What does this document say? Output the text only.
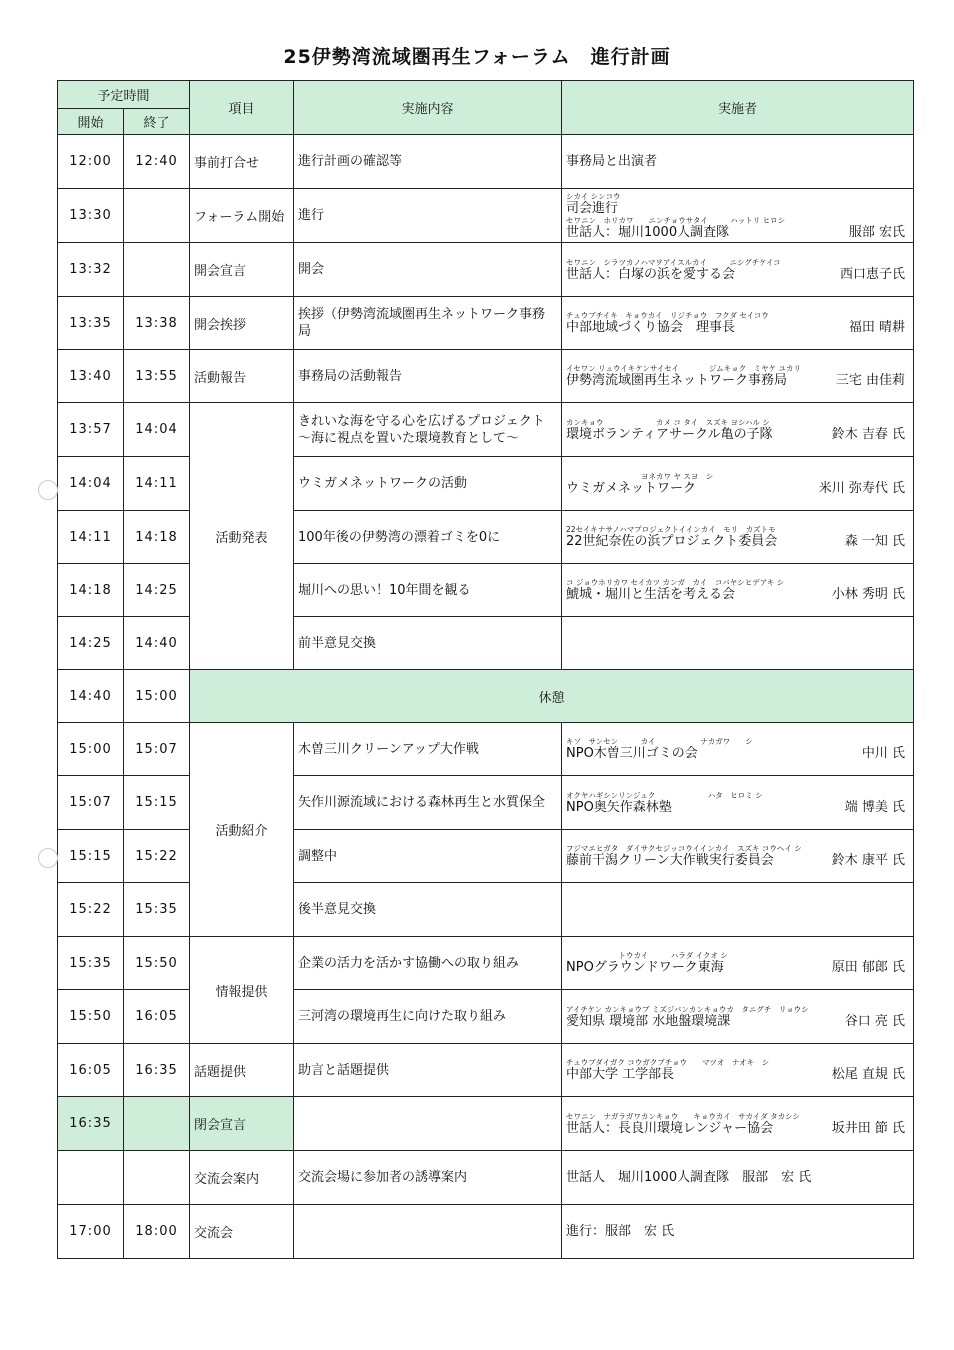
25伊勢湾流域圏再生フォーラム　進行計画
予定時間		項目	実施内容	実施者
開始	終了			
12:00	12:40	事前打合せ	進行計画の確認等	事務局と出演者

13:30		フォーラム開始	進行	シカイ シンコウ
司会進行
セワニン　ホリカワ　　ニンチョウサタイ　　　ハットリ ヒロシ
世話人：堀川1000人調査隊 服部 宏氏

13:32		開会宣言	開会	セワニン　シラツカノハマヲアイスルカイ　　　ニシグチケイコ
世話人：白塚の浜を愛する会 西口恵子氏

13:35	13:38	開会挨拶	挨拶（伊勢湾流域圏再生ネットワーク事務局	チュウブチイキ　キョウカイ　リジチョウ　フクダ セイコウ
中部地域づくり協会　理事長 福田 晴耕

13:40	13:55	活動報告	事務局の活動報告	イセワン リュウイキケンサイセイ　　　　ジムキョク　ミヤケ ユカリ
伊勢湾流域圏再生ネットワーク事務局 三宅 由佳莉

13:57	14:04	活動発表	きれいな海を守る心を広げるプロジェクト ～海に視点を置いた環境教育として～	カンキョウ　　　　　　　カメ コ タイ　スズキ ヨシハル シ
環境ボランティアサークル亀の子隊 鈴木 吉春 氏

14:04	14:11		ウミガメネットワークの活動	　　　　　　　　　　ヨネカワ ヤ スヨ　シ
ウミガメネットワーク 米川 弥寿代 氏

14:11	14:18		100年後の伊勢湾の漂着ゴミを0に	22セイキナサノハマプロジェクトイインカイ　モリ　カズトモ
22世紀奈佐の浜プロジェクト委員会 森 一知 氏

14:18	14:25		堀川への思い！10年間を観る	コ ジョウホリカワ セイカツ カンガ　カイ　コバヤシヒデアキ シ
鯱城・堀川と生活を考える会 小林 秀明 氏

14:25	14:40		前半意見交換	

14:40	15:00	休憩		
15:00	15:07	活動紹介	木曽三川クリーンアップ大作戦	キソ　サンセン　　　カイ　　　　　　ナカガワ　　シ
NPO木曽三川ゴミの会 中川 氏

15:07	15:15		矢作川源流域における森林再生と水質保全	オクヤハギシンリンジュク　　　　　　　ハタ　ヒロミ シ
NPO奥矢作森林塾 端 博美 氏

15:15	15:22		調整中	フジマエヒガタ　ダイサクセジッコウイインカイ　スズキ コウヘイ シ
藤前干潟クリーン大作戦実行委員会 鈴木 康平 氏

15:22	15:35		後半意見交換	

15:35	15:50	情報提供	企業の活力を活かす協働への取り組み	　　　　　　　トウカイ　　　ハラダ イクオ シ
NPOグラウンドワーク東海 原田 郁郎 氏

15:50	16:05		三河湾の環境再生に向けた取り組み	アイチケン カンキョウブ ミズジバンカンキョウカ　タニグチ　リョウシ
愛知県 環境部 水地盤環境課 谷口 亮 氏

16:05	16:35	話題提供	助言と話題提供	チュウブダイガク コウガクブチョウ　　マツオ　ナオキ　シ
中部大学 工学部長 松尾 直規 氏

16:35		閉会宣言		セワニン　ナガラガワカンキョウ　　キョウカイ　サカイダ タカシシ
世話人：長良川環境レンジャー協会 坂井田 節 氏

		交流会案内	交流会場に参加者の誘導案内	世話人　堀川1000人調査隊　服部　宏 氏

17:00	18:00	交流会		進行：服部　宏 氏
